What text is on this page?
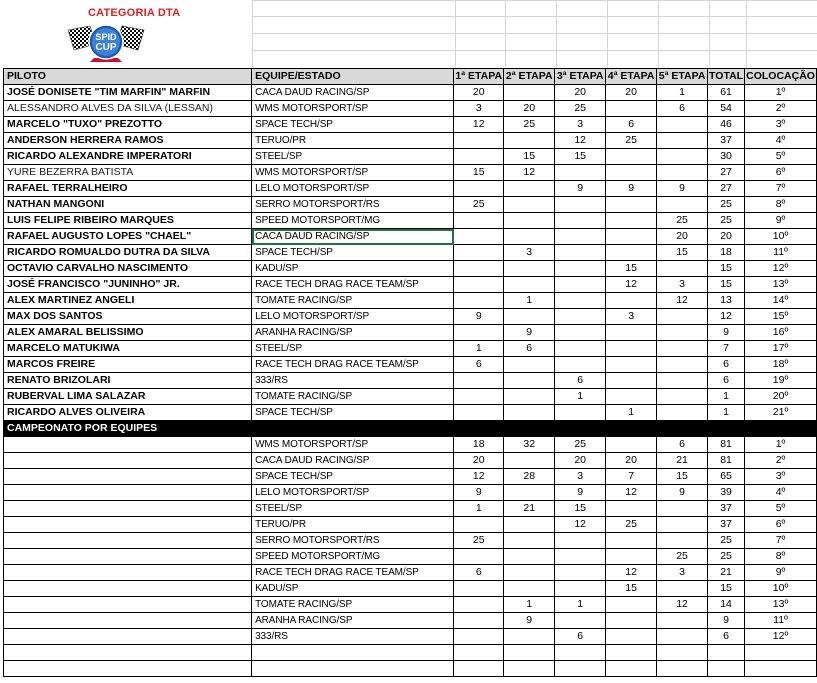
CATEGORIA DTA
SPID
CUP
PILOTO	EQUIPE/ESTADO	1ª ETAPA	2ª ETAPA	3ª ETAPA	4ª ETAPA	5ª ETAPA	TOTAL	COLOCAÇÃO
JOSÉ DONISETE "TIM MARFIN" MARFIN	CACA DAUD RACING/SP	20		20	20	1	61	1º
ALESSANDRO ALVES DA SILVA (LESSAN)	WMS MOTORSPORT/SP	3	20	25		6	54	2º
MARCELO "TUXO" PREZOTTO	SPACE TECH/SP	12	25	3	6		46	3º
ANDERSON HERRERA RAMOS	TERUO/PR			12	25		37	4º
RICARDO ALEXANDRE IMPERATORI	STEEL/SP		15	15			30	5º
YURE BEZERRA BATISTA	WMS MOTORSPORT/SP	15	12				27	6º
RAFAEL TERRALHEIRO	LELO MOTORSPORT/SP			9	9	9	27	7º
NATHAN MANGONI	SERRO MOTORSPORT/RS	25					25	8º
LUIS FELIPE RIBEIRO MARQUES	SPEED MOTORSPORT/MG					25	25	9º
RAFAEL AUGUSTO LOPES "CHAEL"	CACA DAUD RACING/SP					20	20	10º
RICARDO ROMUALDO DUTRA DA SILVA	SPACE TECH/SP		3			15	18	11º
OCTAVIO CARVALHO NASCIMENTO	KADU/SP				15		15	12º
JOSÉ FRANCISCO "JUNINHO" JR.	RACE TECH DRAG RACE TEAM/SP				12	3	15	13º
ALEX MARTINEZ ANGELI	TOMATE RACING/SP		1			12	13	14º
MAX DOS SANTOS	LELO MOTORSPORT/SP	9			3		12	15º
ALEX AMARAL BELISSIMO	ARANHA RACING/SP		9				9	16º
MARCELO MATUKIWA	STEEL/SP	1	6				7	17º
MARCOS FREIRE	RACE TECH DRAG RACE TEAM/SP	6					6	18º
RENATO BRIZOLARI	333/RS			6			6	19º
RUBERVAL LIMA SALAZAR	TOMATE RACING/SP			1			1	20º
RICARDO ALVES OLIVEIRA	SPACE TECH/SP				1		1	21º
CAMPEONATO POR EQUIPES								
	WMS MOTORSPORT/SP	18	32	25		6	81	1º
	CACA DAUD RACING/SP	20		20	20	21	81	2º
	SPACE TECH/SP	12	28	3	7	15	65	3º
	LELO MOTORSPORT/SP	9		9	12	9	39	4º
	STEEL/SP	1	21	15			37	5º
	TERUO/PR			12	25		37	6º
	SERRO MOTORSPORT/RS	25					25	7º
	SPEED MOTORSPORT/MG					25	25	8º
	RACE TECH DRAG RACE TEAM/SP	6			12	3	21	9º
	KADU/SP				15		15	10º
	TOMATE RACING/SP		1	1		12	14	13º
	ARANHA RACING/SP		9				9	11º
	333/RS			6			6	12º
